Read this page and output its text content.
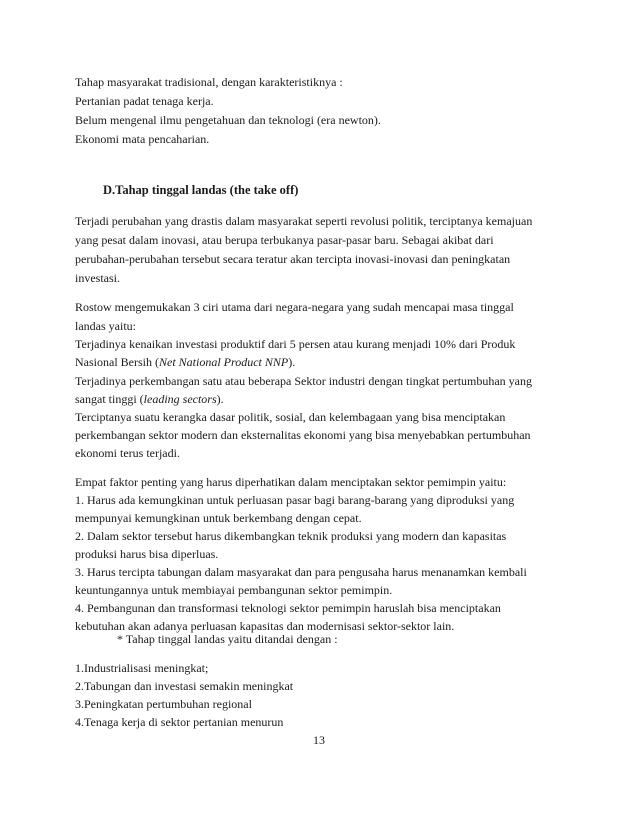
Tahap masyarakat tradisional, dengan karakteristiknya :
Pertanian padat tenaga kerja.
Belum mengenal ilmu pengetahuan dan teknologi (era newton).
Ekonomi mata pencaharian.
D.Tahap tinggal landas (the take off)
Terjadi perubahan yang drastis dalam masyarakat seperti revolusi politik, terciptanya kemajuan
yang pesat dalam inovasi, atau berupa terbukanya pasar-pasar baru. Sebagai akibat dari
perubahan-perubahan tersebut secara teratur akan tercipta inovasi-inovasi dan peningkatan
investasi.
Rostow mengemukakan 3 ciri utama dari negara-negara yang sudah mencapai masa tinggal
landas yaitu:
Terjadinya kenaikan investasi produktif dari 5 persen atau kurang menjadi 10% dari Produk
Nasional Bersih (Net National Product NNP).
Terjadinya perkembangan satu atau beberapa Sektor industri dengan tingkat pertumbuhan yang
sangat tinggi (leading sectors).
Terciptanya suatu kerangka dasar politik, sosial, dan kelembagaan yang bisa menciptakan
perkembangan sektor modern dan eksternalitas ekonomi yang bisa menyebabkan pertumbuhan
ekonomi terus terjadi.
Empat faktor penting yang harus diperhatikan dalam menciptakan sektor pemimpin yaitu:
1. Harus ada kemungkinan untuk perluasan pasar bagi barang-barang yang diproduksi yang
mempunyai kemungkinan untuk berkembang dengan cepat.
2. Dalam sektor tersebut harus dikembangkan teknik produksi yang modern dan kapasitas
produksi harus bisa diperluas.
3. Harus tercipta tabungan dalam masyarakat dan para pengusaha harus menanamkan kembali
keuntungannya untuk membiayai pembangunan sektor pemimpin.
4. Pembangunan dan transformasi teknologi sektor pemimpin haruslah bisa menciptakan
kebutuhan akan adanya perluasan kapasitas dan modernisasi sektor-sektor lain.
* Tahap tinggal landas yaitu ditandai dengan :
1.Industrialisasi meningkat;
2.Tabungan dan investasi semakin meningkat
3.Peningkatan pertumbuhan regional
4.Tenaga kerja di sektor pertanian menurun
13
